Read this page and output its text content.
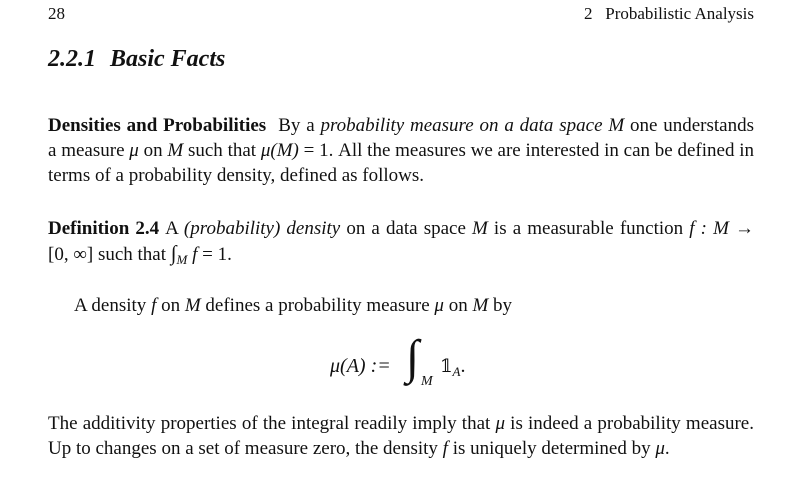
28	2   Probabilistic Analysis
2.2.1 Basic Facts

Densities and Probabilities By a probability measure on a data space M one understands a measure μ on M such that μ(M) = 1. All the measures we are interested in can be defined in terms of a probability density, defined as follows.

Definition 2.4 A (probability) density on a data space M is a measurable function f : M → [0, ∞] such that $\int_M$ f = 1.

A density f on M defines a probability measure μ on M by

μ(A) := ∫ M
$𝟙_A$.

The additivity properties of the integral readily imply that μ is indeed a probability measure. Up to changes on a set of measure zero, the density f is uniquely determined by μ.
